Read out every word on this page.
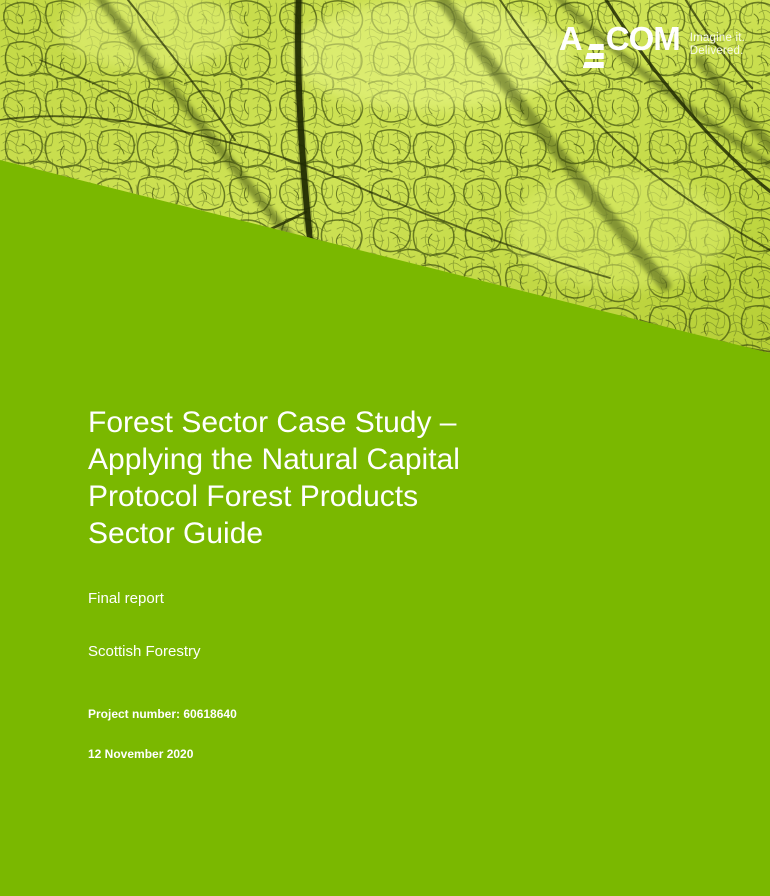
A COM Imagine it.
Delivered.
Forest Sector Case Study –
Applying the Natural Capital
Protocol Forest Products
Sector Guide
Final report
Scottish Forestry
Project number: 60618640
12 November 2020
